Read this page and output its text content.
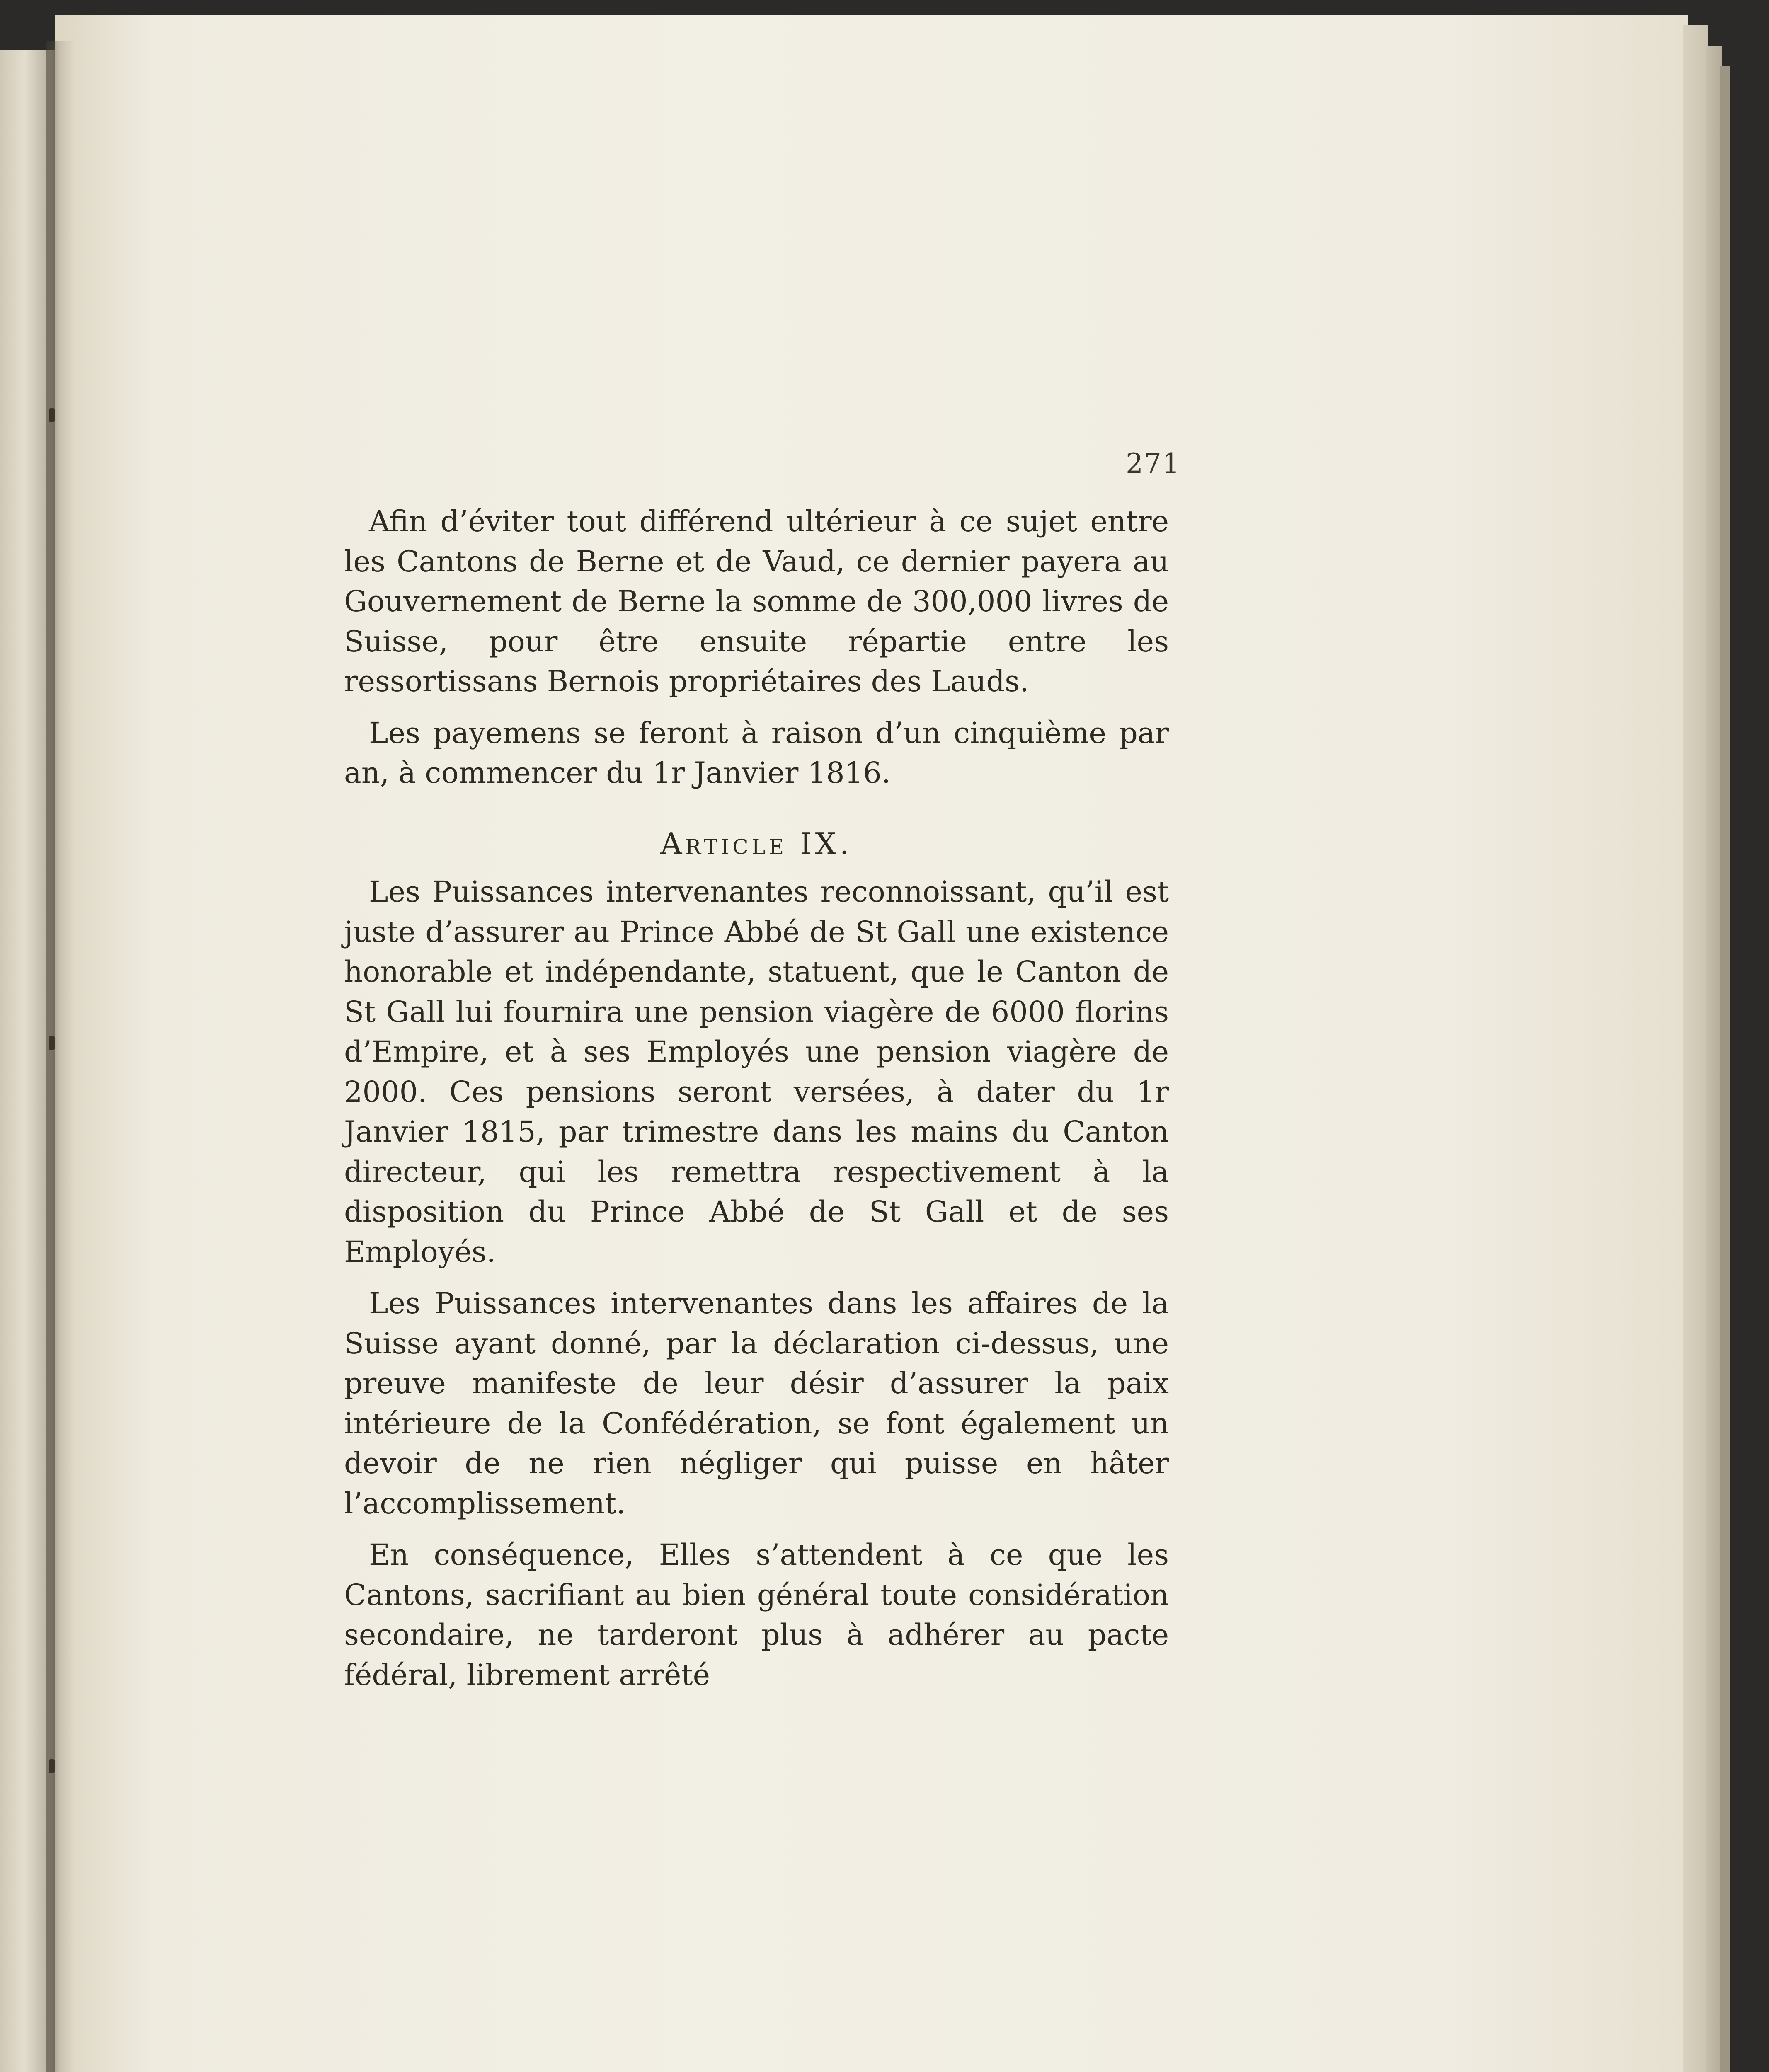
271

Afin d’éviter tout différend ultérieur à ce sujet entre les Cantons de Berne et de Vaud, ce dernier payera au Gouvernement de Berne la somme de 300,000 livres de Suisse, pour être ensuite répartie entre les ressortissans Bernois propriétaires des Lauds.

Les payemens se feront à raison d’un cinquième par an, à commencer du 1r Janvier 1816.

Article IX.

Les Puissances intervenantes reconnoissant, qu’il est juste d’assurer au Prince Abbé de St Gall une existence honorable et indépendante, statuent, que le Canton de St Gall lui fournira une pension viagère de 6000 florins d’Empire, et à ses Employés une pension viagère de 2000. Ces pensions seront versées, à dater du 1r Janvier 1815, par trimestre dans les mains du Canton directeur, qui les remettra respectivement à la disposition du Prince Abbé de St Gall et de ses Employés.

Les Puissances intervenantes dans les affaires de la Suisse ayant donné, par la déclaration ci-dessus, une preuve manifeste de leur désir d’assurer la paix intérieure de la Confédération, se font également un devoir de ne rien négliger qui puisse en hâter l’accomplissement.

En conséquence, Elles s’attendent à ce que les Cantons, sacrifiant au bien général toute considération secondaire, ne tarderont plus à adhérer au pacte fédéral, librement arrêté
